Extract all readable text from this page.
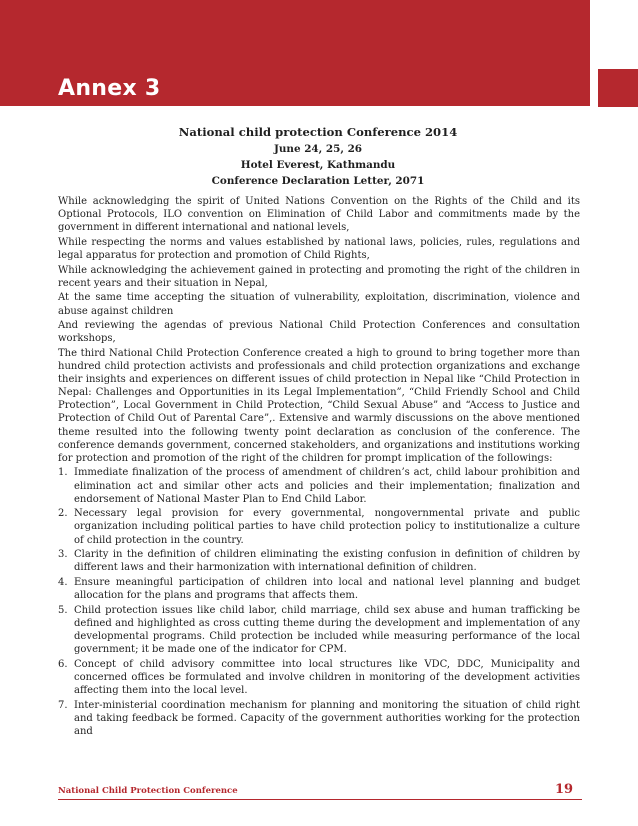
Annex 3
National child protection Conference 2014
June 24, 25, 26
Hotel Everest, Kathmandu
Conference Declaration Letter, 2071

While acknowledging the spirit of United Nations Convention on the Rights of the Child and its Optional Protocols, ILO convention on Elimination of Child Labor and commitments made by the government in different international and national levels,

While respecting the norms and values established by national laws, policies, rules, regulations and legal apparatus for protection and promotion of Child Rights,

While acknowledging the achievement gained in protecting and promoting the right of the children in recent years and their situation in Nepal,

At the same time accepting the situation of vulnerability, exploitation, discrimination, violence and abuse against children

And reviewing the agendas of previous National Child Protection Conferences and consultation workshops,

The third National Child Protection Conference created a high to ground to bring together more than hundred child protection activists and professionals and child protection organizations and exchange their insights and experiences on different issues of child protection in Nepal like “Child Protection in Nepal: Challenges and Opportunities in its Legal Implementation”, “Child Friendly School and Child Protection”, Local Government in Child Protection, “Child Sexual Abuse” and “Access to Justice and Protection of Child Out of Parental Care”,. Extensive and warmly discussions on the above mentioned theme resulted into the following twenty point declaration as conclusion of the conference. The conference demands government, concerned stakeholders, and organizations and institutions working for protection and promotion of the right of the children for prompt implication of the followings:

1. Immediate finalization of the process of amendment of children’s act, child labour prohibition and elimination act and similar other acts and policies and their implementation; finalization and endorsement of National Master Plan to End Child Labor.
2. Necessary legal provision for every governmental, nongovernmental private and public organization including political parties to have child protection policy to institutionalize a culture of child protection in the country.
3. Clarity in the definition of children eliminating the existing confusion in definition of children by different laws and their harmonization with international definition of children.
4. Ensure meaningful participation of children into local and national level planning and budget allocation for the plans and programs that affects them.
5. Child protection issues like child labor, child marriage, child sex abuse and human trafficking be defined and highlighted as cross cutting theme during the development and implementation of any developmental programs. Child protection be included while measuring performance of the local government; it be made one of the indicator for CPM.
6. Concept of child advisory committee into local structures like VDC, DDC, Municipality and concerned offices be formulated and involve children in monitoring of the development activities affecting them into the local level.
7. Inter-ministerial coordination mechanism for planning and monitoring the situation of child right and taking feedback be formed. Capacity of the government authorities working for the protection and
National Child Protection Conference	19
